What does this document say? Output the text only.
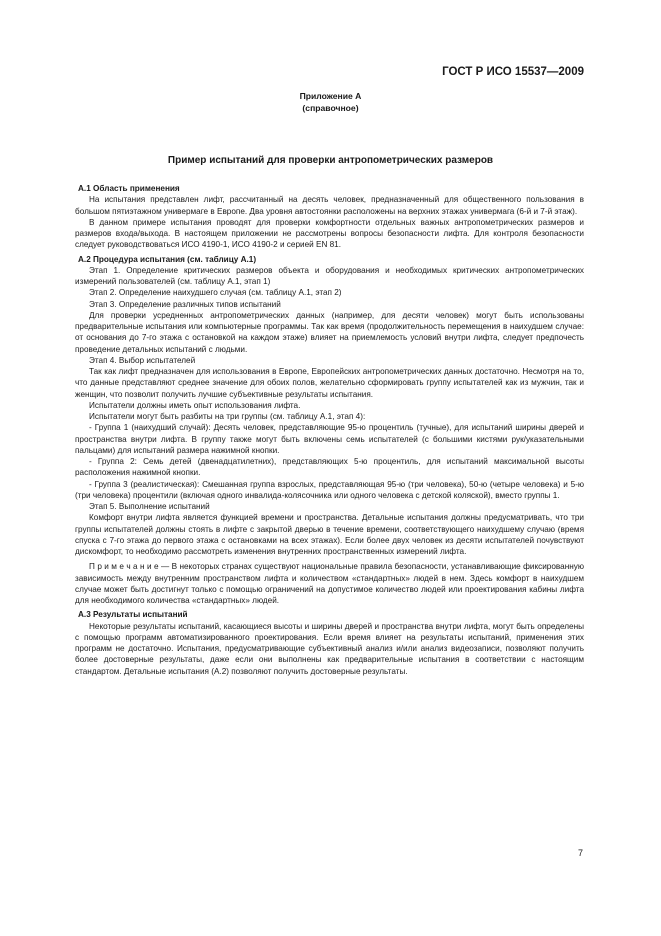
ГОСТ Р ИСО 15537—2009
Приложение А
(справочное)
Пример испытаний для проверки антропометрических размеров

А.1 Область применения

На испытания представлен лифт, рассчитанный на десять человек, предназначенный для общественного пользования в большом пятиэтажном универмаге в Европе. Два уровня автостоянки расположены на верхних этажах универмага (6-й и 7-й этаж).

В данном примере испытания проводят для проверки комфортности отдельных важных антропометрических размеров и размеров входа/выхода. В настоящем приложении не рассмотрены вопросы безопасности лифта. Для контроля безопасности следует руководствоваться ИСО 4190-1, ИСО 4190-2 и серией EN 81.

А.2 Процедура испытания (см. таблицу А.1)

Этап 1. Определение критических размеров объекта и оборудования и необходимых критических антропометрических измерений пользователей (см. таблицу А.1, этап 1)

Этап 2. Определение наихудшего случая (см. таблицу А.1, этап 2)

Этап 3. Определение различных типов испытаний

Для проверки усредненных антропометрических данных (например, для десяти человек) могут быть использованы предварительные испытания или компьютерные программы. Так как время (продолжительность перемещения в наихудшем случае: от основания до 7-го этажа с остановкой на каждом этаже) влияет на приемлемость условий внутри лифта, следует предпочесть проведение детальных испытаний с людьми.

Этап 4. Выбор испытателей

Так как лифт предназначен для использования в Европе, Европейских антропометрических данных достаточно. Несмотря на то, что данные представляют среднее значение для обоих полов, желательно сформировать группу испытателей как из мужчин, так и женщин, что позволит получить лучшие субъективные результаты испытания.

Испытатели должны иметь опыт использования лифта.

Испытатели могут быть разбиты на три группы (см. таблицу А.1, этап 4):

- Группа 1 (наихудший случай): Десять человек, представляющие 95-ю процентиль (тучные), для испытаний ширины дверей и пространства внутри лифта. В группу также могут быть включены семь испытателей (с большими кистями рук/указательными пальцами) для испытаний размера нажимной кнопки.

- Группа 2: Семь детей (двенадцатилетних), представляющих 5-ю процентиль, для испытаний максимальной высоты расположения нажимной кнопки.

- Группа 3 (реалистическая): Смешанная группа взрослых, представляющая 95-ю (три человека), 50-ю (четыре человека) и 5-ю (три человека) процентили (включая одного инвалида-колясочника или одного человека с детской коляской), вместо группы 1.

Этап 5. Выполнение испытаний

Комфорт внутри лифта является функцией времени и пространства. Детальные испытания должны предусматривать, что три группы испытателей должны стоять в лифте с закрытой дверью в течение времени, соответствующего наихудшему случаю (время спуска с 7-го этажа до первого этажа с остановками на всех этажах). Если более двух человек из десяти испытателей почувствуют дискомфорт, то необходимо рассмотреть изменения внутренних пространственных измерений лифта.

П р и м е ч а н и е — В некоторых странах существуют национальные правила безопасности, устанавливающие фиксированную зависимость между внутренним пространством лифта и количеством «стандартных» людей в нем. Здесь комфорт в наихудшем случае может быть достигнут только с помощью ограничений на допустимое количество людей или проектирования кабины лифта для необходимого количества «стандартных» людей.

А.3 Результаты испытаний

Некоторые результаты испытаний, касающиеся высоты и ширины дверей и пространства внутри лифта, могут быть определены с помощью программ автоматизированного проектирования. Если время влияет на результаты испытаний, применения этих программ не достаточно. Испытания, предусматривающие субъективный анализ и/или анализ видеозаписи, позволяют получить более достоверные результаты, даже если они выполнены как предварительные испытания в соответствии с настоящим стандартом. Детальные испытания (А.2) позволяют получить достоверные результаты.

7
